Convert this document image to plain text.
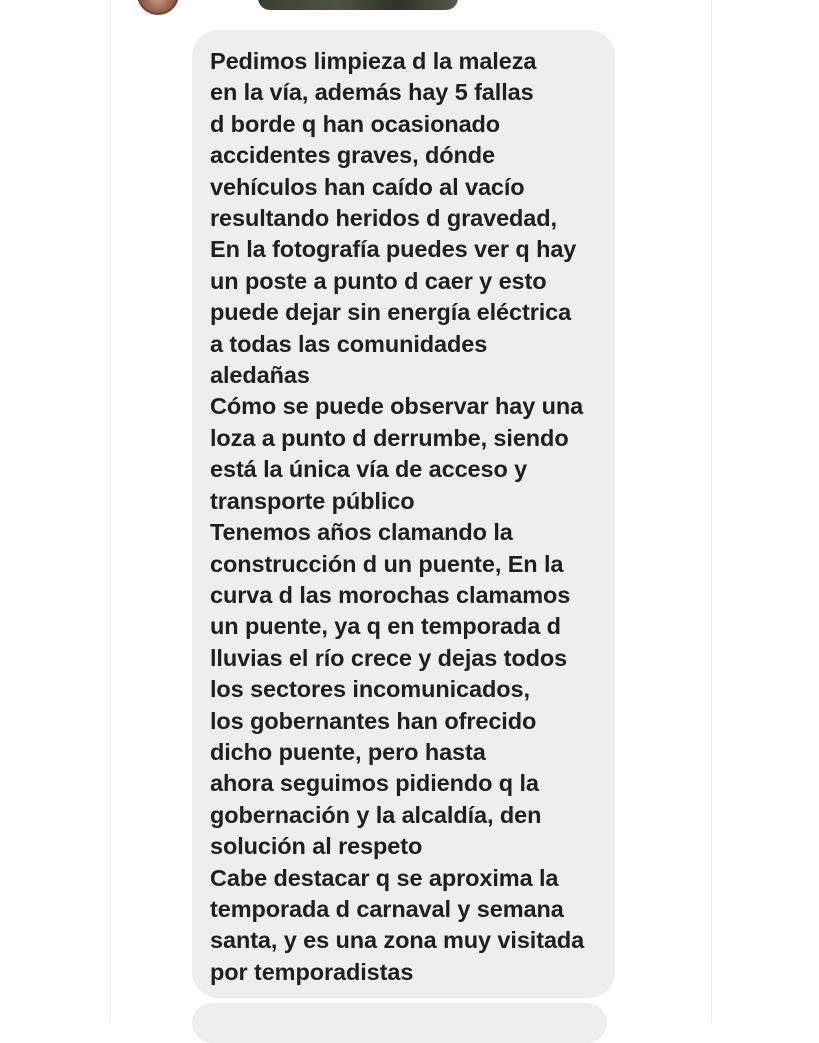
Pedimos limpieza d la maleza
en la vía, además hay 5 fallas
d borde q han ocasionado
accidentes graves, dónde
vehículos han caído al vacío
resultando heridos d gravedad,
En la fotografía puedes ver q hay
un poste a punto d caer y esto
puede dejar sin energía eléctrica
a todas las comunidades
aledañas
Cómo se puede observar hay una
loza a punto d derrumbe, siendo
está la única vía de acceso y
transporte público
Tenemos años clamando la
construcción d un puente, En la
curva d las morochas clamamos
un puente, ya q en temporada d
lluvias el río crece y dejas todos
los sectores incomunicados,
los gobernantes han ofrecido
dicho puente, pero hasta
ahora seguimos pidiendo q la
gobernación y la alcaldía, den
solución al respeto
Cabe destacar q se aproxima la
temporada d carnaval y semana
santa, y es una zona muy visitada
por temporadistas
